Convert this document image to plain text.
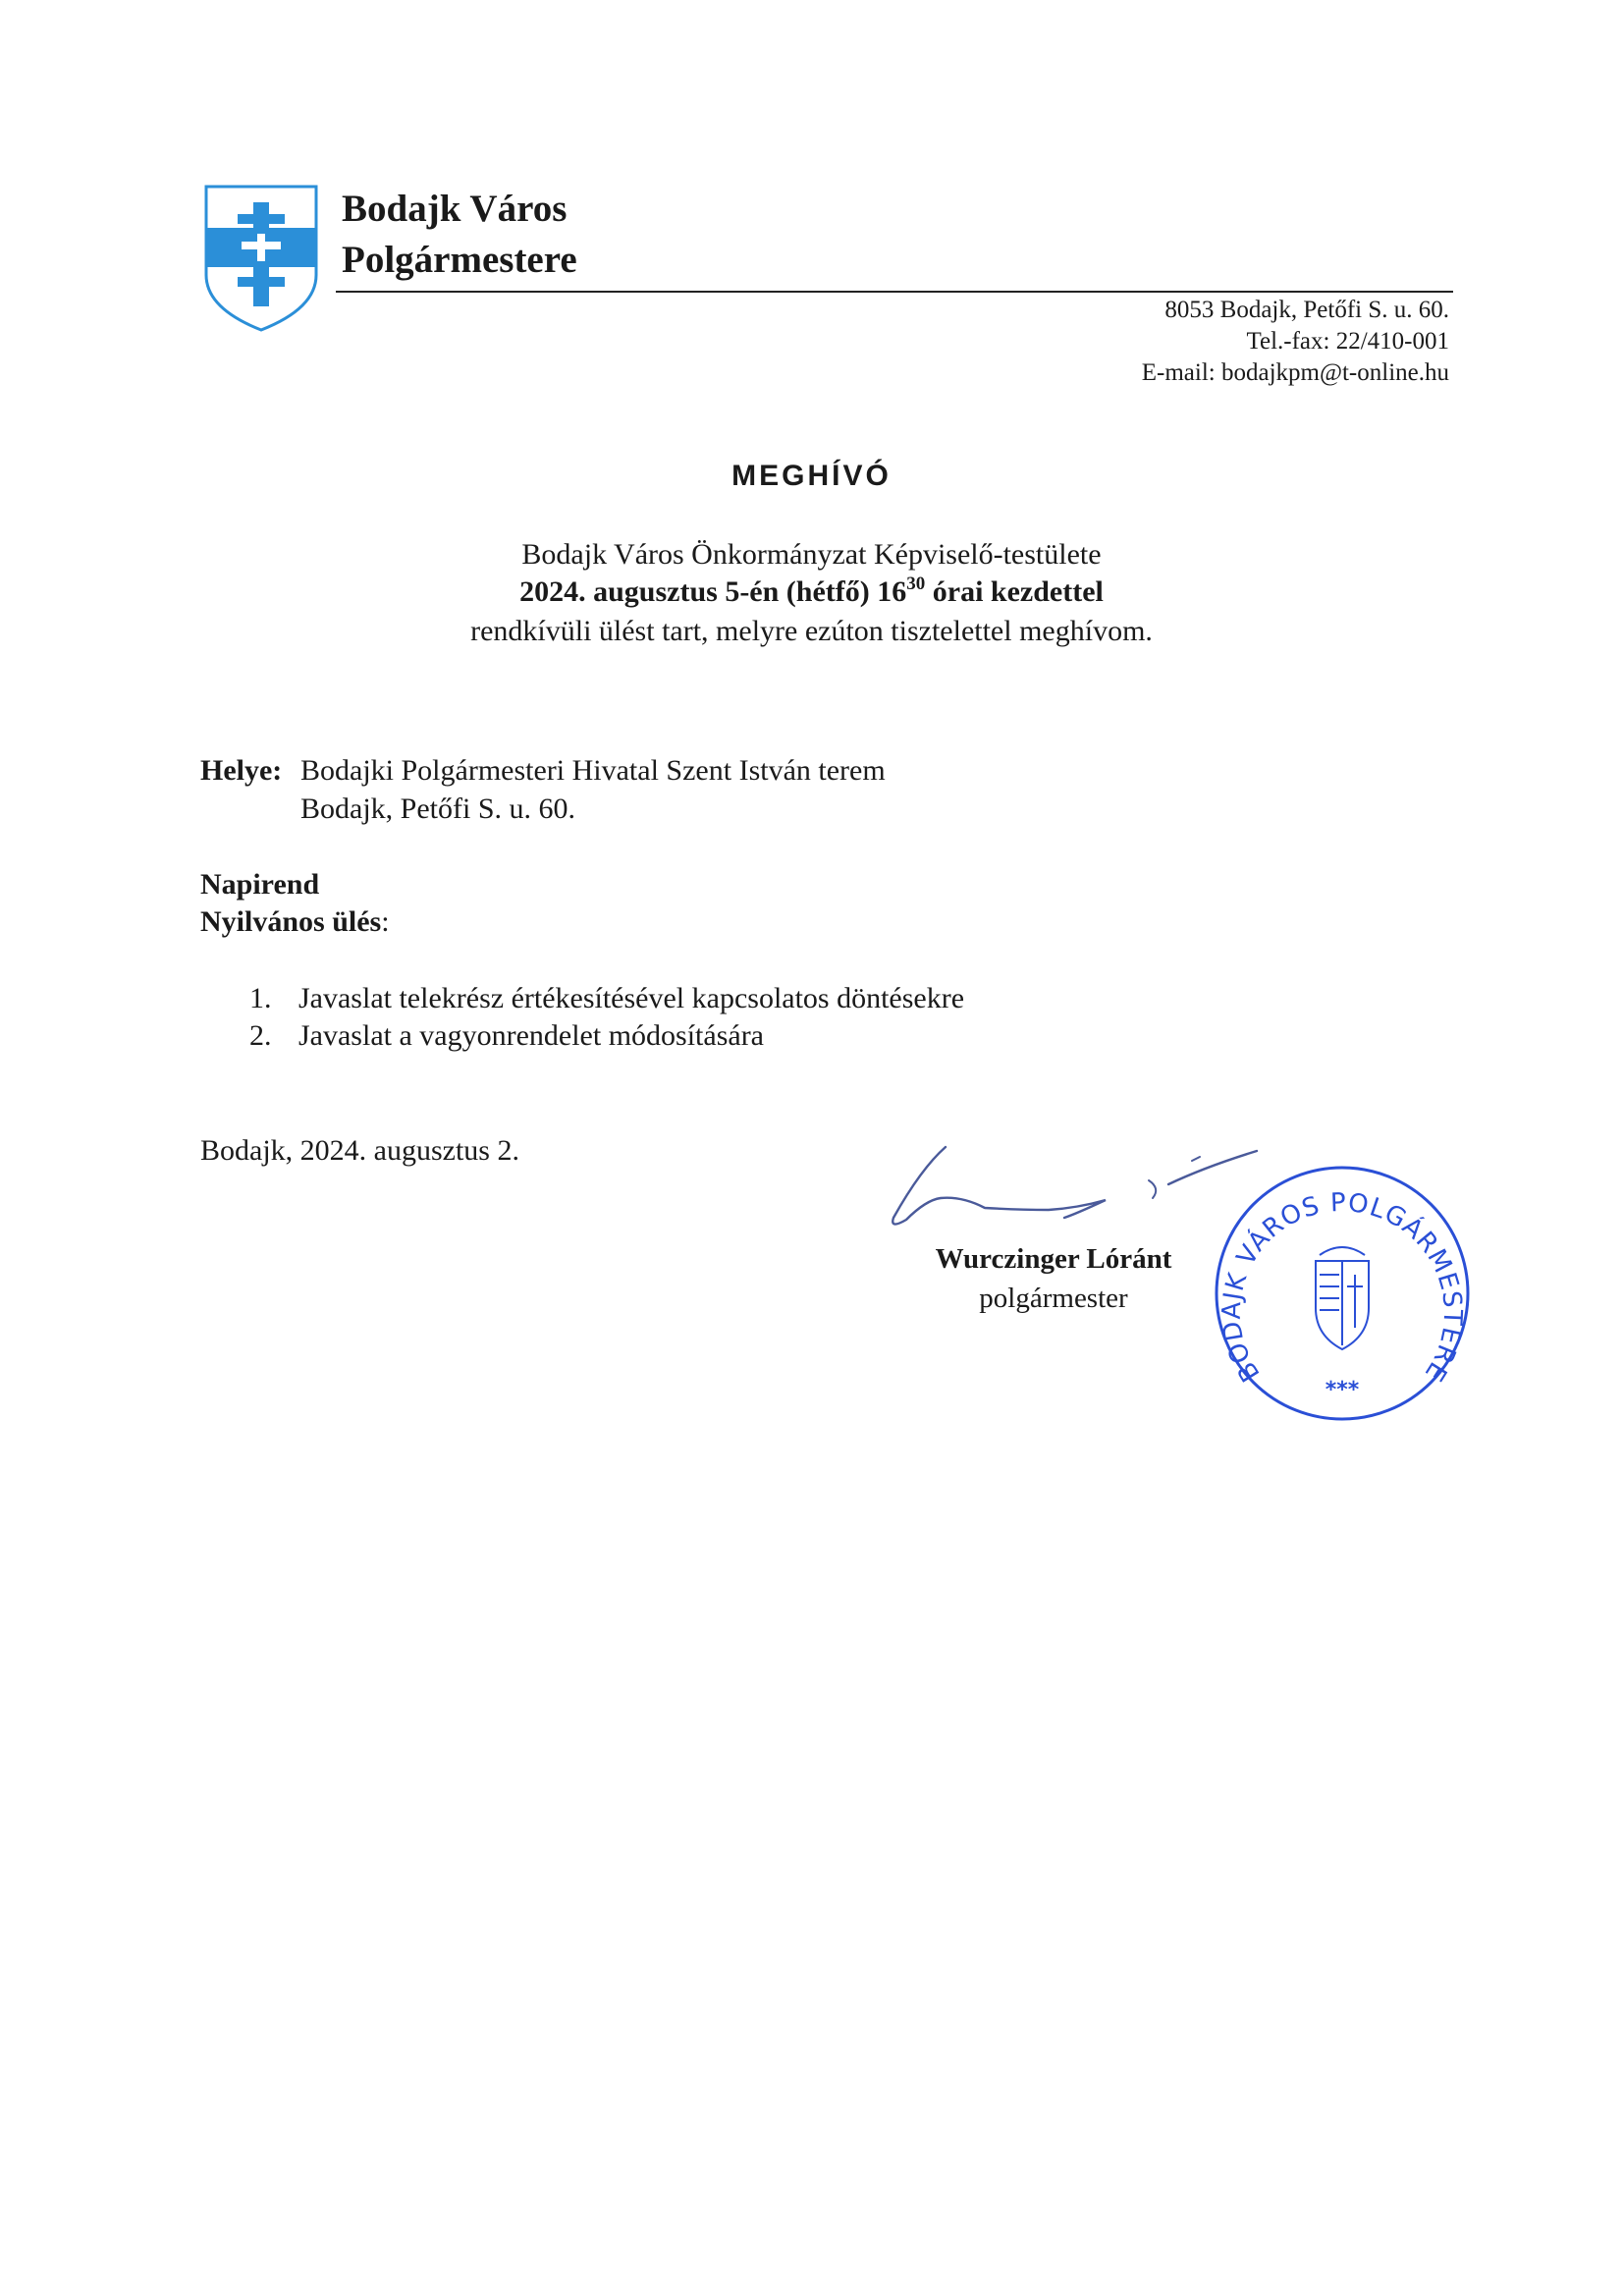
Bodajk Város
Polgármestere
8053 Bodajk, Petőfi S. u. 60.
Tel.-fax: 22/410-001
E-mail: bodajkpm@t-online.hu
MEGHÍVÓ
Bodajk Város Önkormányzat Képviselő-testülete
2024. augusztus 5-én (hétfő) $16^{30}$ órai kezdettel
rendkívüli ülést tart, melyre ezúton tisztelettel meghívom.
Helye: Bodajki Polgármesteri Hivatal Szent István terem
Bodajk, Petőfi S. u. 60.
Napirend
Nyilvános ülés:
1. Javaslat telekrész értékesítésével kapcsolatos döntésekre
2. Javaslat a vagyonrendelet módosítására
Bodajk, 2024. augusztus 2.
Wurczinger Lóránt
polgármester
BODAJK VÁROS POLGÁRMESTERE
***
